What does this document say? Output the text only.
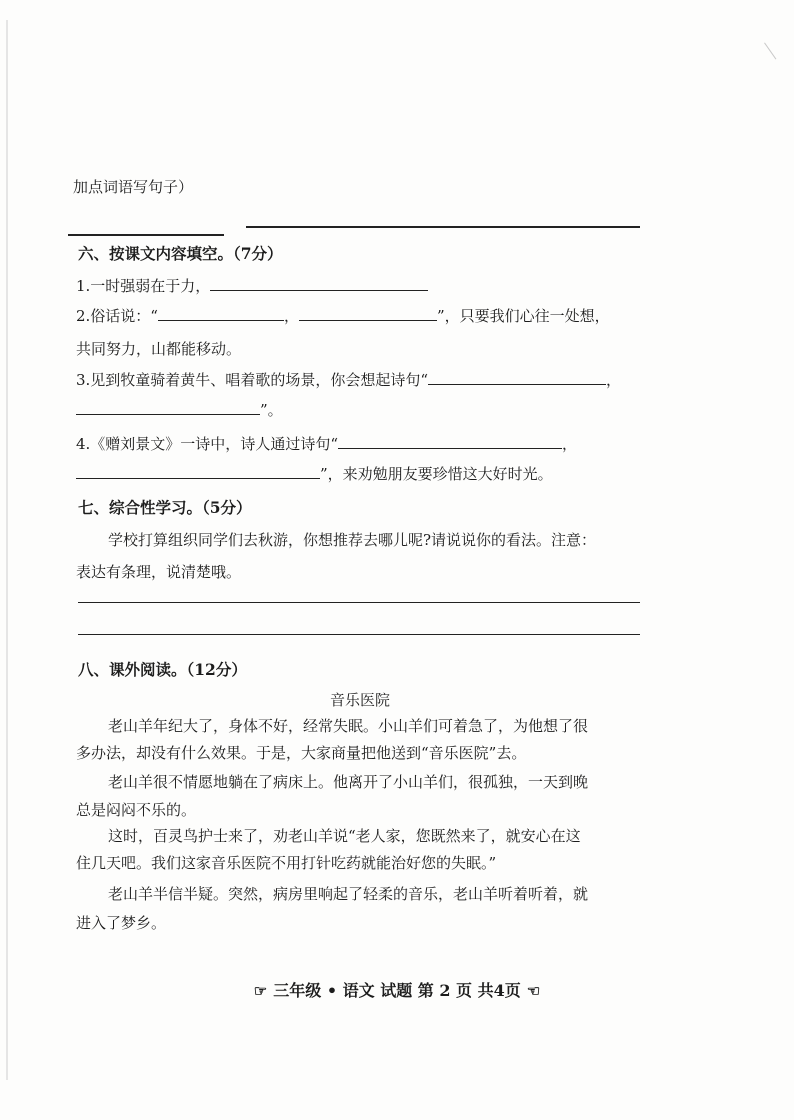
加点词语写句子）
六、按课文内容填空。（7分）
1.一时强弱在于力，
2.俗话说：“	，	”，只要我们心往一处想，
共同努力，山都能移动。
3.见到牧童骑着黄牛、唱着歌的场景，你会想起诗句“	，
”。
4.《赠刘景文》一诗中，诗人通过诗句“	，
”，来劝勉朋友要珍惜这大好时光。
七、综合性学习。（5分）
学校打算组织同学们去秋游，你想推荐去哪儿呢?请说说你的看法。注意：
表达有条理，说清楚哦。
八、课外阅读。（12分）
音乐医院
老山羊年纪大了，身体不好，经常失眠。小山羊们可着急了，为他想了很
多办法，却没有什么效果。于是，大家商量把他送到“音乐医院”去。
老山羊很不情愿地躺在了病床上。他离开了小山羊们，很孤独，一天到晚
总是闷闷不乐的。
这时，百灵鸟护士来了，劝老山羊说“老人家，您既然来了，就安心在这
住几天吧。我们这家音乐医院不用打针吃药就能治好您的失眠。”
老山羊半信半疑。突然，病房里响起了轻柔的音乐，老山羊听着听着，就
进入了梦乡。
☞ 三年级 • 语文 试题 第 2 页 共4页 ☜
